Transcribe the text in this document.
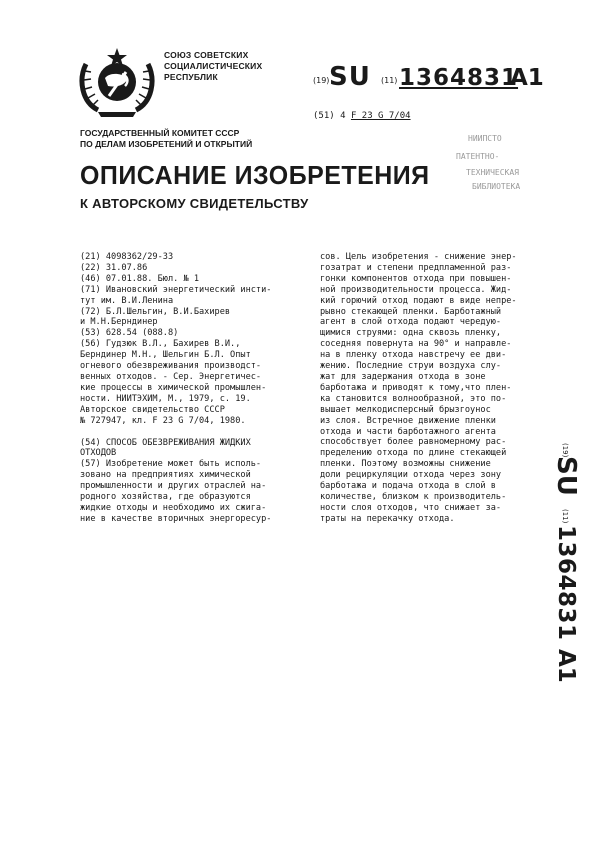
СОЮЗ СОВЕТСКИХ
СОЦИАЛИСТИЧЕСКИХ
РЕСПУБЛИК	(19) SU (11) 1364831
A1
(51) 4 F 23 G 7/04
ГОСУДАРСТВЕННЫЙ КОМИТЕТ СССР
ПО ДЕЛАМ ИЗОБРЕТЕНИЙ И ОТКРЫТИЙ
НИИПСТО
ПАТЕНТНО-
ТЕХНИЧЕСКАЯ
БИБЛИОТЕКА
ОПИСАНИЕ ИЗОБРЕТЕНИЯ
К АВТОРСКОМУ СВИДЕТЕЛЬСТВУ
(21) 4098362/29-33
(22) 31.07.86
(46) 07.01.88. Бюл. № 1
(71) Ивановский энергетический инсти-
тут им. В.И.Ленина
(72) Б.Л.Шельгин, В.И.Бахирев
и М.Н.Берндинер
(53) 628.54 (088.8)
(56) Гудзюк В.Л., Бахирев В.И.,
Берндинер М.Н., Шельгин Б.Л. Опыт
огневого обезвреживания производст-
венных отходов. - Сер. Энергетичес-
кие процессы в химической промышлен-
ности. НИИТЭХИМ, М., 1979, с. 19.
Авторское свидетельство СССР
№ 727947, кл. F 23 G 7/04, 1980.
(54) СПОСОБ ОБЕЗВРЕЖИВАНИЯ ЖИДКИХ
ОТХОДОВ
(57) Изобретение может быть исполь-
зовано на предприятиях химической
промышленности и других отраслей на-
родного хозяйства, где образуются
жидкие отходы и необходимо их сжига-
ние в качестве вторичных энергоресур-
сов. Цель изобретения - снижение энер-
гозатрат и степени предпламенной раз-
гонки компонентов отхода при повышен-
ной производительности процесса. Жид-
кий горючий отход подают в виде непре-
рывно стекающей пленки. Барботажный
агент в слой отхода подают чередую-
щимися струями: одна сквозь пленку,
соседняя повернута на 90° и направле-
на в пленку отхода навстречу ее дви-
жению. Последние струи воздуха слу-
жат для задержания отхода в зоне
барботажа и приводят к тому,что плен-
ка становится волнообразной, это по-
вышает мелкодисперсный брызгоунос
из слоя. Встречное движение пленки
отхода и части барботажного агента
способствует более равномерному рас-
пределению отхода по длине стекающей
пленки. Поэтому возможны снижение
доли рециркуляции отхода через зону
барботажа и подача отхода в слой в
количестве, близком к производитель-
ности слоя отходов, что снижает за-
траты на перекачку отхода.
(19)
SU
(11)
1364831
A1
